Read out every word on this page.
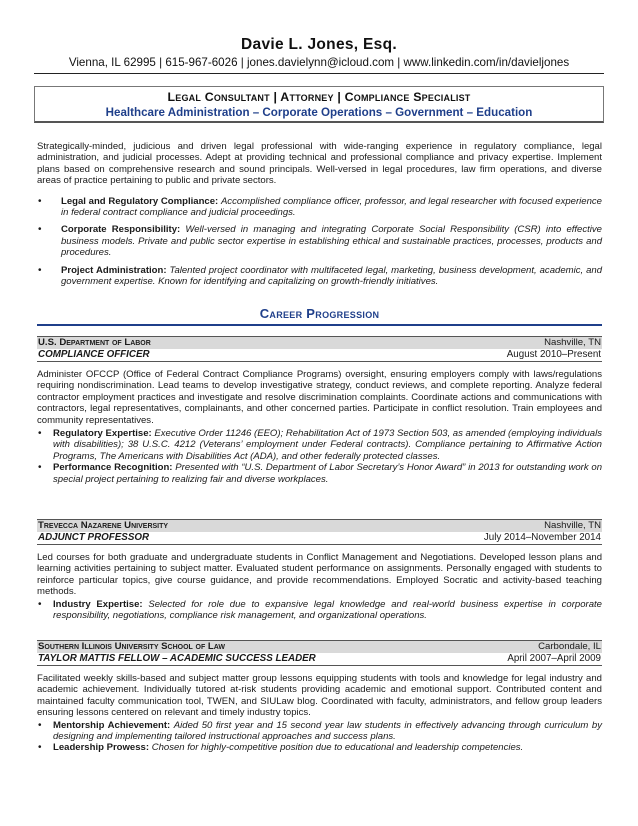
Davie L. Jones, Esq.
Vienna, IL 62995 | 615-967-6026 | jones.davielynn@icloud.com | www.linkedin.com/in/davieljones
Legal Consultant | Attorney | Compliance Specialist
Healthcare Administration – Corporate Operations – Government – Education
Strategically-minded, judicious and driven legal professional with wide-ranging experience in regulatory compliance, legal administration, and judicial processes. Adept at providing technical and professional compliance and privacy expertise. Implement plans based on comprehensive research and sound principals. Well-versed in legal procedures, law firm operations, and diverse areas of practice pertaining to public and private sectors.
• Legal and Regulatory Compliance: Accomplished compliance officer, professor, and legal researcher with focused experience in federal contract compliance and judicial proceedings.
• Corporate Responsibility: Well-versed in managing and integrating Corporate Social Responsibility (CSR) into effective business models. Private and public sector expertise in establishing ethical and sustainable practices, processes, products and procedures.
• Project Administration: Talented project coordinator with multifaceted legal, marketing, business development, academic, and government expertise. Known for identifying and capitalizing on growth-friendly initiatives.
Career Progression
U.S. Department of Labor	Nashville, TN
COMPLIANCE OFFICER	August 2010–Present
Administer OFCCP (Office of Federal Contract Compliance Programs) oversight, ensuring employers comply with laws/regulations requiring nondiscrimination. Lead teams to develop investigative strategy, conduct reviews, and complete reporting. Analyze federal contractor employment practices and investigate and resolve discrimination complaints. Coordinate actions and communications with contractors, legal representatives, complainants, and other concerned parties. Participate in conflict resolution. Train employees and community representatives.
• Regulatory Expertise: Executive Order 11246 (EEO); Rehabilitation Act of 1973 Section 503, as amended (employing individuals with disabilities); 38 U.S.C. 4212 (Veterans’ employment under Federal contracts). Compliance pertaining to Affirmative Action Programs, The Americans with Disabilities Act (ADA), and other federally protected classes.
• Performance Recognition: Presented with “U.S. Department of Labor Secretary’s Honor Award” in 2013 for outstanding work on special project pertaining to realizing fair and diverse workplaces.
Trevecca Nazarene University	Nashville, TN
ADJUNCT PROFESSOR	July 2014–November 2014
Led courses for both graduate and undergraduate students in Conflict Management and Negotiations. Developed lesson plans and learning activities pertaining to subject matter. Evaluated student performance on assignments. Personally engaged with students to reinforce particular topics, give course guidance, and provide recommendations. Employed Socratic and activity-based teaching methods.
• Industry Expertise: Selected for role due to expansive legal knowledge and real-world business expertise in corporate responsibility, negotiations, compliance risk management, and organizational operations.
Southern Illinois University School of Law	Carbondale, IL
TAYLOR MATTIS FELLOW – ACADEMIC SUCCESS LEADER	April 2007–April 2009
Facilitated weekly skills-based and subject matter group lessons equipping students with tools and knowledge for legal industry and academic achievement. Individually tutored at-risk students providing academic and emotional support. Contributed content and maintained faculty communication tool, TWEN, and SIULaw blog. Coordinated with faculty, administrators, and fellow group leaders ensuring lessons centered on relevant and timely industry topics.
• Mentorship Achievement: Aided 50 first year and 15 second year law students in effectively advancing through curriculum by designing and implementing tailored instructional approaches and success plans.
• Leadership Prowess: Chosen for highly-competitive position due to educational and leadership competencies.
